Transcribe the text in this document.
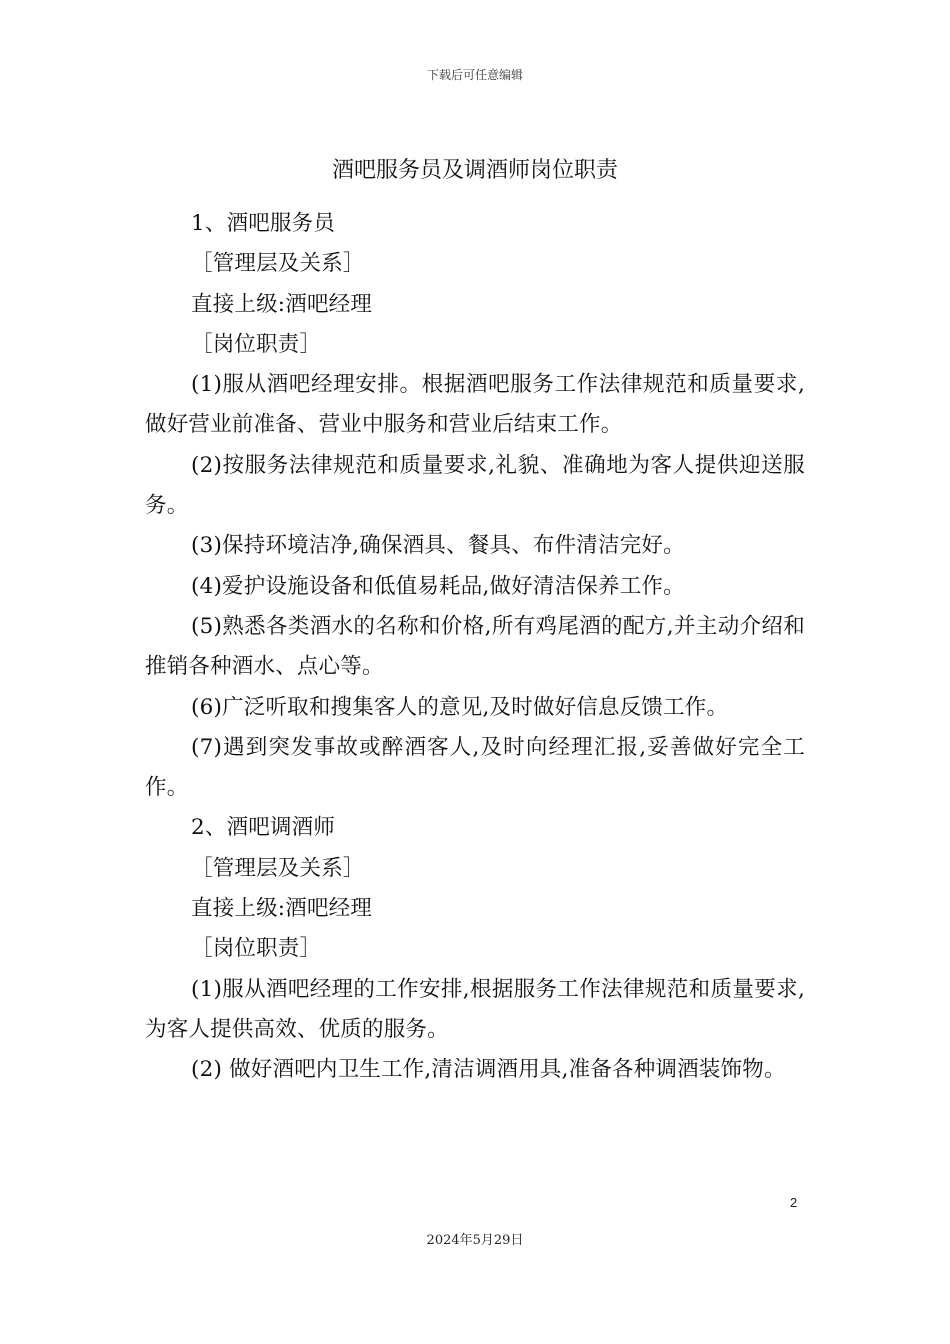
下载后可任意编辑
酒吧服务员及调酒师岗位职责

1、酒吧服务员

［管理层及关系］

直接上级:酒吧经理

［岗位职责］

(1)服从酒吧经理安排。根据酒吧服务工作法律规范和质量要求,做好营业前准备、营业中服务和营业后结束工作。

(2)按服务法律规范和质量要求,礼貌、准确地为客人提供迎送服务。

(3)保持环境洁净,确保酒具、餐具、布件清洁完好。

(4)爱护设施设备和低值易耗品,做好清洁保养工作。

(5)熟悉各类酒水的名称和价格,所有鸡尾酒的配方,并主动介绍和推销各种酒水、点心等。

(6)广泛听取和搜集客人的意见,及时做好信息反馈工作。

(7)遇到突发事故或醉酒客人,及时向经理汇报,妥善做好完全工作。

2、酒吧调酒师

［管理层及关系］

直接上级:酒吧经理

［岗位职责］

(1)服从酒吧经理的工作安排,根据服务工作法律规范和质量要求,为客人提供高效、优质的服务。

(2) 做好酒吧内卫生工作,清洁调酒用具,准备各种调酒装饰物。

2
2024年5月29日
